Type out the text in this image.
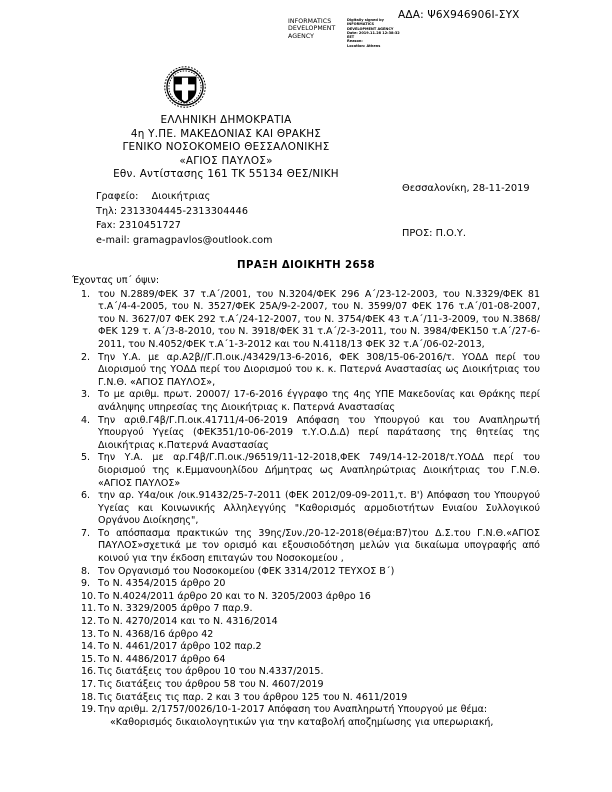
ΑΔΑ: Ψ6Χ946906Ι-ΣΥΧ
INFORMATICS DEVELOPMENT AGENCY
Digitally signed by
INFORMATICS
DEVELOPMENT AGENCY
Date: 2019.11.28 12:38:32
EET
Reason:
Location: Athens
ΕΛΛΗΝΙΚΗ ΔΗΜΟΚΡΑΤΙΑ
4η Υ.ΠΕ. ΜΑΚΕΔΟΝΙΑΣ ΚΑΙ ΘΡΑΚΗΣ
ΓΕΝΙΚΟ ΝΟΣΟΚΟΜΕΙΟ ΘΕΣΣΑΛΟΝΙΚΗΣ
«ΑΓΙΟΣ ΠΑΥΛΟΣ»
Εθν. Αντίστασης 161 ΤΚ 55134 ΘΕΣ/ΝΙΚΗ
Γραφείο: Διοικήτριας
Τηλ: 2313304445-2313304446
Fax: 2310451727
e-mail: gramagpavlos@outlook.com
Θεσσαλονίκη, 28-11-2019
ΠΡΟΣ: Π.Ο.Υ.
ΠΡΑΞΗ ΔΙΟΙΚΗΤΗ 2658

Έχοντας υπ΄ όψιν:

1. του Ν.2889/ΦΕΚ 37 τ.Α΄/2001, του Ν.3204/ΦΕΚ 296 Α΄/23-12-2003, του Ν.3329/ΦΕΚ 81 τ.Α΄/4-4-2005, του Ν. 3527/ΦΕΚ 25Α/9-2-2007, του Ν. 3599/07 ΦΕΚ 176 τ.Α΄/01-08-2007, του Ν. 3627/07 ΦΕΚ 292 τ.Α΄/24-12-2007, του Ν. 3754/ΦΕΚ 43 τ.Α΄/11-3-2009, του Ν.3868/ΦΕΚ 129 τ. Α΄/3-8-2010, του Ν. 3918/ΦΕΚ 31 τ.Α΄/2-3-2011, του Ν. 3984/ΦΕΚ150 τ.Α΄/27-6-2011, του Ν.4052/ΦΕΚ τ.Α΄1-3-2012 και του Ν.4118/13 ΦΕΚ 32 τ.Α΄/06-02-2013,
2. Την Υ.Α. με αρ.Α2β//Γ.Π.οικ./43429/13-6-2016, ΦΕΚ 308/15-06-2016/τ. ΥΟΔΔ περί του Διορισμού της ΥΟΔΔ περί του Διορισμού του κ. κ. Πατερνά Αναστασίας ως Διοικήτριας του Γ.Ν.Θ. «ΑΓΙΟΣ ΠΑΥΛΟΣ»,
3. Το με αριθμ. πρωτ. 20007/ 17-6-2016 έγγραφο της 4ης ΥΠΕ Μακεδονίας και Θράκης περί ανάληψης υπηρεσίας της Διοικήτριας κ. Πατερνά Αναστασίας
4. Την αριθ.Γ4β/Γ.Π.οικ.41711/4-06-2019 Απόφαση του Υπουργού και του Αναπληρωτή Υπουργού Υγείας (ΦΕΚ351/10-06-2019 τ.Υ.Ο.Δ.Δ) περί παράτασης της θητείας της Διοικήτριας κ.Πατερνά Αναστασίας
5. Την Υ.Α. με αρ.Γ4β/Γ.Π.οικ./96519/11-12-2018,ΦΕΚ 749/14-12-2018/τ.ΥΟΔΔ περί του διορισμού της κ.Εμμανουηλίδου Δήμητρας ως Αναπληρώτριας Διοικήτριας του Γ.Ν.Θ. «ΑΓΙΟΣ ΠΑΥΛΟΣ»
6. την αρ. Υ4α/οικ /οικ.91432/25-7-2011 (ΦΕΚ 2012/09-09-2011,τ. Β') Απόφαση του Υπουργού Υγείας και Κοινωνικής Αλληλεγγύης "Καθορισμός αρμοδιοτήτων Ενιαίου Συλλογικού Οργάνου Διοίκησης",
7. Το απόσπασμα πρακτικών της 39ης/Συν./20-12-2018(Θέμα:Β7)του Δ.Σ.του Γ.Ν.Θ.«ΑΓΙΟΣ ΠΑΥΛΟΣ»σχετικά με τον ορισμό και εξουσιοδότηση μελών για δικαίωμα υπογραφής από κοινού για την έκδοση επιταγών του Νοσοκομείου ,
8. Τον Οργανισμό του Νοσοκομείου (ΦΕΚ 3314/2012 ΤΕΥΧΟΣ Β΄)
9. Το Ν. 4354/2015 άρθρο 20
10. Το Ν.4024/2011 άρθρο 20 και το Ν. 3205/2003 άρθρο 16
11. Το Ν. 3329/2005 άρθρο 7 παρ.9.
12. Το Ν. 4270/2014 και το Ν. 4316/2014
13. Το Ν. 4368/16 άρθρο 42
14. Το Ν. 4461/2017 άρθρο 102 παρ.2
15. Το Ν. 4486/2017 άρθρο 64
16. Τις διατάξεις του άρθρου 10 του Ν.4337/2015.
17. Τις διατάξεις του άρθρου 58 του Ν. 4607/2019
18. Τις διατάξεις τις παρ. 2 και 3 του άρθρου 125 του Ν. 4611/2019
19. Την αριθμ. 2/1757/0026/10-1-2017 Απόφαση του Αναπληρωτή Υπουργού με θέμα:
«Καθορισμός δικαιολογητικών για την καταβολή αποζημίωσης για υπερωριακή,
